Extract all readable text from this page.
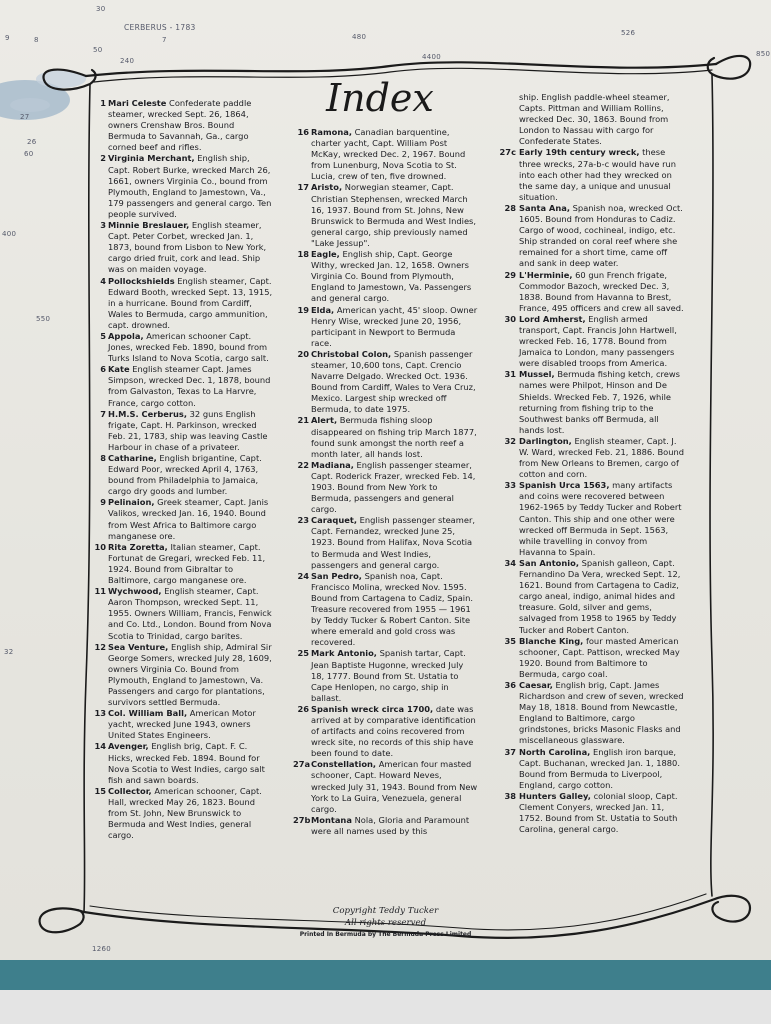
CERBERUS - 1783
7
30
480	526
850
400
550
27
9	8
26
1260
240	4400
50
32
60
Index

1 Mari Celeste Confederate paddle steamer, wrecked Sept. 26, 1864, owners Crenshaw Bros. Bound Bermuda to Savannah, Ga., cargo corned beef and rifles.

2 Virginia Merchant, English ship, Capt. Robert Burke, wrecked March 26, 1661, owners Virginia Co., bound from Plymouth, England to Jamestown, Va., 179 passengers and general cargo. Ten people survived.

3 Minnie Breslauer, English steamer, Capt. Peter Corbet, wrecked Jan. 1, 1873, bound from Lisbon to New York, cargo dried fruit, cork and lead. Ship was on maiden voyage.

4 Pollockshields English steamer, Capt. Edward Booth, wrecked Sept. 13, 1915, in a hurricane. Bound from Cardiff, Wales to Bermuda, cargo ammunition, capt. drowned.

5 Appola, American schooner Capt. Jones, wrecked Feb. 1890, bound from Turks Island to Nova Scotia, cargo salt.

6 Kate English steamer Capt. James Simpson, wrecked Dec. 1, 1878, bound from Galvaston, Texas to La Harvre, France, cargo cotton.

7 H.M.S. Cerberus, 32 guns English frigate, Capt. H. Parkinson, wrecked Feb. 21, 1783, ship was leaving Castle Harbour in chase of a privateer.

8 Catharine, English brigantine, Capt. Edward Poor, wrecked April 4, 1763, bound from Philadelphia to Jamaica, cargo dry goods and lumber.

9 Pelinaion, Greek steamer, Capt. Janis Valikos, wrecked Jan. 16, 1940. Bound from West Africa to Baltimore cargo manganese ore.

10 Rita Zoretta, Italian steamer, Capt. Fortunat de Gregari, wrecked Feb. 11, 1924. Bound from Gibraltar to Baltimore, cargo manganese ore.

11 Wychwood, English steamer, Capt. Aaron Thompson, wrecked Sept. 11, 1955. Owners William, Francis, Fenwick and Co. Ltd., London. Bound from Nova Scotia to Trinidad, cargo barites.

12 Sea Venture, English ship, Admiral Sir George Somers, wrecked July 28, 1609, owners Virginia Co. Bound from Plymouth, England to Jamestown, Va. Passengers and cargo for plantations, survivors settled Bermuda.

13 Col. William Ball, American Motor yacht, wrecked June 1943, owners United States Engineers.

14 Avenger, English brig, Capt. F. C. Hicks, wrecked Feb. 1894. Bound for Nova Scotia to West Indies, cargo salt fish and sawn boards.

15 Collector, American schooner, Capt. Hall, wrecked May 26, 1823. Bound from St. John, New Brunswick to Bermuda and West Indies, general cargo.

16 Ramona, Canadian barquentine, charter yacht, Capt. William Post McKay, wrecked Dec. 2, 1967. Bound from Lunenburg, Nova Scotia to St. Lucia, crew of ten, five drowned.

17 Aristo, Norwegian steamer, Capt. Christian Stephensen, wrecked March 16, 1937. Bound from St. Johns, New Brunswick to Bermuda and West Indies, general cargo, ship previously named "Lake Jessup".

18 Eagle, English ship, Capt. George Withy, wrecked Jan. 12, 1658. Owners Virginia Co. Bound from Plymouth, England to Jamestown, Va. Passengers and general cargo.

19 Elda, American yacht, 45' sloop. Owner Henry Wise, wrecked June 20, 1956, participant in Newport to Bermuda race.

20 Christobal Colon, Spanish passenger steamer, 10,600 tons, Capt. Crencio Navarre Delgado. Wrecked Oct. 1936. Bound from Cardiff, Wales to Vera Cruz, Mexico. Largest ship wrecked off Bermuda, to date 1975.

21 Alert, Bermuda fishing sloop disappeared on fishing trip March 1877, found sunk amongst the north reef a month later, all hands lost.

22 Madiana, English passenger steamer, Capt. Roderick Frazer, wrecked Feb. 14, 1903. Bound from New York to Bermuda, passengers and general cargo.

23 Caraquet, English passenger steamer, Capt. Fernandez, wrecked June 25, 1923. Bound from Halifax, Nova Scotia to Bermuda and West Indies, passengers and general cargo.

24 San Pedro, Spanish noa, Capt. Francisco Molina, wrecked Nov. 1595. Bound from Cartagena to Cadiz, Spain. Treasure recovered from 1955 — 1961 by Teddy Tucker & Robert Canton. Site where emerald and gold cross was recovered.

25 Mark Antonio, Spanish tartar, Capt. Jean Baptiste Hugonne, wrecked July 18, 1777. Bound from St. Ustatia to Cape Henlopen, no cargo, ship in ballast.

26 Spanish wreck circa 1700, date was arrived at by comparative identification of artifacts and coins recovered from wreck site, no records of this ship have been found to date.

27a Constellation, American four masted schooner, Capt. Howard Neves, wrecked July 31, 1943. Bound from New York to La Guira, Venezuela, general cargo.

27b Montana Nola, Gloria and Paramount were all names used by this

ship. English paddle-wheel steamer, Capts. Pittman and William Rollins, wrecked Dec. 30, 1863. Bound from London to Nassau with cargo for Confederate States.

27c Early 19th century wreck, these three wrecks, 27a-b-c would have run into each other had they wrecked on the same day, a unique and unusual situation.

28 Santa Ana, Spanish noa, wrecked Oct. 1605. Bound from Honduras to Cadiz. Cargo of wood, cochineal, indigo, etc. Ship stranded on coral reef where she remained for a short time, came off and sank in deep water.

29 L'Herminie, 60 gun French frigate, Commodor Bazoch, wrecked Dec. 3, 1838. Bound from Havanna to Brest, France, 495 officers and crew all saved.

30 Lord Amherst, English armed transport, Capt. Francis John Hartwell, wrecked Feb. 16, 1778. Bound from Jamaica to London, many passengers were disabled troops from America.

31 Mussel, Bermuda fishing ketch, crews names were Philpot, Hinson and De Shields. Wrecked Feb. 7, 1926, while returning from fishing trip to the Southwest banks off Bermuda, all hands lost.

32 Darlington, English steamer, Capt. J. W. Ward, wrecked Feb. 21, 1886. Bound from New Orleans to Bremen, cargo of cotton and corn.

33 Spanish Urca 1563, many artifacts and coins were recovered between 1962-1965 by Teddy Tucker and Robert Canton. This ship and one other were wrecked off Bermuda in Sept. 1563, while travelling in convoy from Havanna to Spain.

34 San Antonio, Spanish galleon, Capt. Fernandino Da Vera, wrecked Sept. 12, 1621. Bound from Cartagena to Cadiz, cargo aneal, indigo, animal hides and treasure. Gold, silver and gems, salvaged from 1958 to 1965 by Teddy Tucker and Robert Canton.

35 Blanche King, four masted American schooner, Capt. Pattison, wrecked May 1920. Bound from Baltimore to Bermuda, cargo coal.

36 Caesar, English brig, Capt. James Richardson and crew of seven, wrecked May 18, 1818. Bound from Newcastle, England to Baltimore, cargo grindstones, bricks Masonic Flasks and miscellaneous glassware.

37 North Carolina, English iron barque, Capt. Buchanan, wrecked Jan. 1, 1880. Bound from Bermuda to Liverpool, England, cargo cotton.

38 Hunters Galley, colonial sloop, Capt. Clement Conyers, wrecked Jan. 11, 1752. Bound from St. Ustatia to South Carolina, general cargo.

Copyright Teddy Tucker
All rights reserved
Printed In Bermuda by The Bermuda Press Limited
